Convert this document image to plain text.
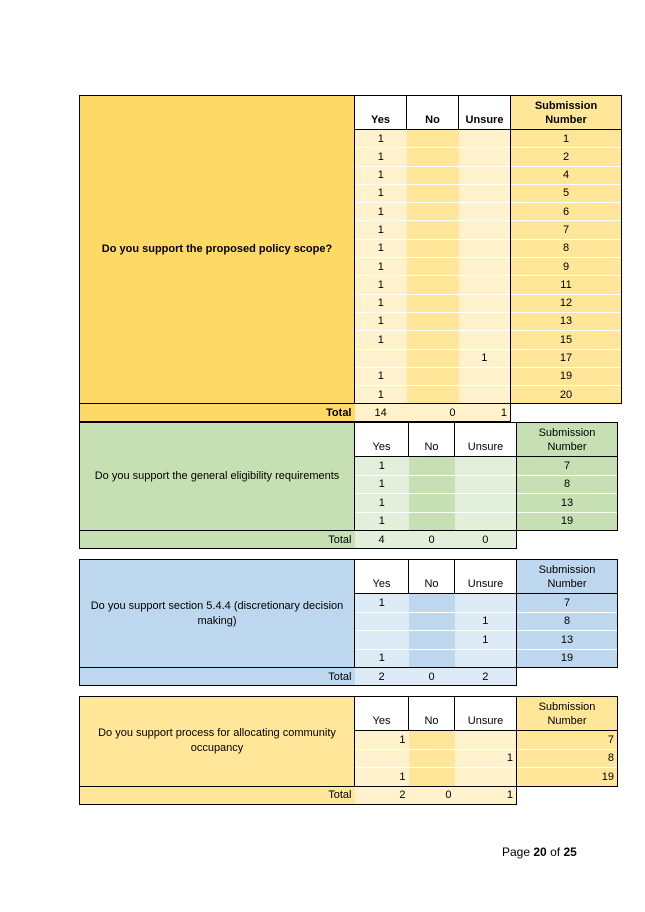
Do you support the proposed policy scope?	Yes	No	Unsure	Submission Number
	1			1
	1			2
	1			4
	1			5
	1			6
	1			7
	1			8
	1			9
	1			11
	1			12
	1			13
	1			15
			1	17
	1			19
	1			20
Total	14	0	1	
Do you support the general eligibility requirements	Yes	No	Unsure	Submission Number
	1			7
	1			8
	1			13
	1			19
Total	4	0	0	
Do you support section 5.4.4 (discretionary decision making)	Yes	No	Unsure	Submission Number
	1			7
			1	8
			1	13
	1			19
Total	2	0	2	
Do you support process for allocating community occupancy	Yes	No	Unsure	Submission Number
	1			7
			1	8
	1			19
Total	2	0	1	
Page 20 of 25
